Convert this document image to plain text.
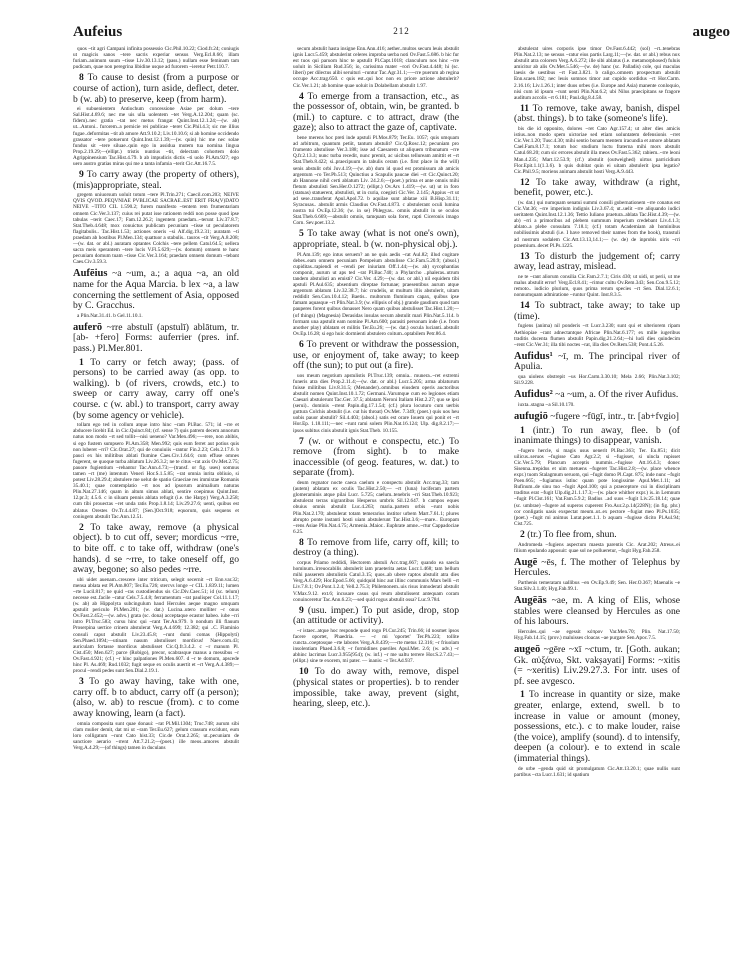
Aufeius	212	augeo

quos ~tit agri Campani infinita possessio Cic.Phil.10.22; Ciod.fr.24; coniugis ut magicis sanos ~tere sacris experiar sensus Verg.Ecl.8.66; illam furiam..animum suum ~tisse Liv.30.13.12; (pass.) nullam esse feminam tam pudicam, quae non peregrina libidine usque ad furorem ~ieretur Petr.110.7.

8 To cause to desist (from a purpose or course of action), turn aside, deflect, deter. b (w. ab) to preserve, keep (from harm).

ei subuenientem Antiochum concessione Asiae per dolum ~tere Sal.Hist.4.69.6; nec me uis ulla uolentem ~tet Verg.A.12.204; quam (sc. fidem)..nec gratia ~tat nec metus frangat Quint.Inst.12.1.24;—(w. ab) ut...Antoni.. furorem..a pernicie rei publicae ~teret Cic.Phil.4.3; sic me illius fugae..deformitas ~tit ab amore Att.9.10.2; Liv.10.10.6; si ab homine occidendo grassator ~tere potuerunt Quint.Inst.12.1.39;—(w. quin) hic me nec solae fundus sit ~tere siluae..quin ego in assidua mutem tua nomina lingua Prop.2.19.29;—(ellipt.) tristis nuntius ~tit, delectam cohortem dolo Agrippinensium Tac.Hist.4.79. b ab impudicis dictis ~ti uolo Pl.Am.927; ego uero austro gratias miras qui me a tanta infamia ~terit Cic.Att.16.7.5.

9 To carry away (the property of others), (mis)appropriate, steal.

gregem uniuorsum uoluit totum ~tere Pl.Trin.271; Caecil.com.203; NEIVE QVIS QVOD..PEQVNIAE PVBLICAE SACRAE..EST ERIT FRA(V)DATO NEIVE ~TITO CIL 1.590.2; furem manifesto ~tentem rem frumentariam omnem Cic.Ver.3.137; cuius rei putat isse rationem reddi non posse quod ipse tabulas ~terit Caec.17; Fam.12.26.2; ingentem praedam..~terunt Liv.37.8.7; Stat.Theb.4.648; mox conuictus publicam pecuniam ~tisse ut peculatorem flagitabulis.. Tac.Hist.1.53; actiones oneris ~si Alf.dig.19.2.31; auratam ~ti praedam ab hostibus Pl.Men.134; quattuor a stabulis.. tauros ~tit Verg.A.8.208;—(w. dat. or abl.) auratam optantes Colchis ~tere pellem Catul.64.5; uellera sacra meis sperantem ~tere lucis V.Fl.5.629;—(w. domum) omnem te hanc pecuniam domum tuam ~tisse Cic.Ver.3.164; praedam omnem domum ~tebant Caes.Civ.3.59.3.

Aufēius ~a ~um, a.; a aqua ~a, an old name for the Aqua Marcia. b lex ~a, a law concerning the settlement of Asia, opposed by C. Gracchus.

a Plin.Nat.31.41. b Gel.11.10.1.

auferō ~rre abstulī (apstulī) ablātum, tr. [ab- +fero] Forms: auferrier (pres. inf. pass.) Pl.Mer.801.

1 To carry or fetch away; (pass. of persons) to be carried away (as opp. to walking). b (of rivers, crowds, etc.) to sweep or carry away, carry off one's course. c (w. abl.) to transport, carry away (by some agency or vehicle).

tollam ego ted in collum atque intro hinc ~ram Pl.Bac. 571; id ~rre et abducere licebit Ed. in Cic.Quinct.84; (cf. sense 7) quis patrem decem annorum natus non modo ~rt sed tollit—nisi ueneno? Var.Men.496;—~rere, non abibis, si ego fustem sumpsero Pl.Am.358; Men.992; quis eum ferret aut potius quis non luberet ~rri? Cic.Orat.27; qui de conuiuiis ~rantur Fin.2.23; Cels.2.17.6. b pauci ex his militibus ablati flumine Caes.Civ.1.64.6; cum effuse omnes fugerent, se quoque turba ablatum Liv.26.3.2; ne te citus ~rat axis Ov.Met.2.75; pauore fugientium ~rehantur Tac.Ann.4.73;—(transf. or fig. uses) somnus tamen ~rt (me) intentum Veneri Hor.S.1.5.85; ~rat omnia inrita obliuio, si potest Liv.28.29.4; abstulere me uelut de spatio Graeciae res immixtae Romanis 35.40.1; quae contemplatio ~rt nos ad ipsorum animalium naturas Plin.Nat.27.146; quam in altum simus ablati, sentire coepimus Quint.Inst. 12.pr.3; 4.5.6. c in siluam pennis ablata refugit (i.e. the Harpy) Verg.A.3.258; cum tibi prouectas ~ret unda ratis Prop.1.8.14; Liv.29.27.6; uenti, quibus est ablatus Orestes Ov.Tr.4.4.87; [Sen.]Oct.918; equorum, quis sequens et coniugem abstulit Tac.Ann.12.51.

2 To take away, remove (a physical object). b to cut off, sever; mordicus ~rre, to bite off. c to take off, withdraw (one's hands). d se ~rre, to take oneself off, go away, begone; so also pedes ~rre.

ubi uidet auenam..crescere inter triticum, selegit secernit ~rt Enn.var.32; mensa ablata est Pl.Am.807; Ter.Eu.726; stercvs longe ~r CIL 1.839.11; lumen ~rte Lucil.817; ne quid ~ras custodiendus sis Cic.Div.Caec.51; id (sc. telum) necesse est..facile ~ratur Cels.7.5.4.8; ferramentum ~rat paulisper Col.11.1.17; (w. ab) ab Hippolyta subcingulum haud Hercules aeque magno umquam apstulit periculo Pl.Men.201; (w. dat.) Lucina..utero molliter ~r onus Ov.Fast.2.452;—(w. advs.) grata (sc. dona) acceptaque ecastor habeo. iube ~rri intro Pl.Truc.583; cursu hinc qui ~rant Ter.An.979. b nondum illi flauum Proserpina uertice crinem abstulerat Verg.A.4.699; 12.382; qui ..C. Flaminio consuli caput abstulit Liv.23.45.8; ~runt dumi comas (Hippolyti) Sen.Phaed.1094;—utinam nasum abstulisset mordicus! Naev.com.43; auriculam fortasse mordicus abstulisset Cic.Q.fr.3.4.2. c ~r manum Pl. Cist.450; Men.627; parce (Robigo), precor, scabrasque manus a messibus ~r Ov.Fast.4.921; (cf.) ~r hinc palpationes Pl.Men.607. d ~r te domum, apscede hinc Pl. As.469; Rud.1032; fugit seque ex oculis auertit et ~rt Verg.A.4.389;—procul ~rendi pedes sunt Sen.Dial.2.19.1.

3 To go away having, take with one, carry off. b to abduct, carry off (a person); (also, w. ab) to rescue (from). c to come away knowing, learn (a fact).

omnia composita sunt quae donaui: ~rat Pl.Mil.1304; Truc.748; aurum sibi clam mulier demit, dat mi ut ~ram Ter.Eu.627; gelum crassum excidunt, eum loro colligatum ~runt Cato hist.33; Cic.de Orat.2.265; ut..pecuniam de sanctiore aerario ~rrent Att.7.21.2;—(poet.) ille meos..amores abstulit Verg.A.4.29;—(of things) tamen in duculans

secum abstulit hasta insigne Enn.Ann.416; aether..multos secum leuis abstulit ignis Lucr.5.459; abstulerint celeres improba uerba noti Ov.Fast.5.686. b hic fur est tuos qui paruom hinc te apstulit Pl.Capt.1018; clanculum nos hinc ~rre uoluit in Siciliam Rud.356; io, carissima mater ~rori Ov.Fast.4.448; hi (sc. liberi) per dilectus alibi seruituri ~runtur Tac.Agr.31.1;—~rre puerum ab regina occupe Acc.trag.650. c quis est..qui hoc non ex priore actione abstulerit? Cic.Ver.1.21; ab homine quae uoluit in Dolabellam abstulit 1.97.

4 To emerge from a transaction, etc., as the possessor of, obtain, win, be granted. b (mil.) to capture. c to attract, draw (the gaze); also to attract the gaze of, captivate.

bene merens hoc preti inde apstuli Pl.Mos.879; Ter.Eu. 1057; quis umquam ad arbitrum, quantum petiit, tantum abstulit? Cic.Q.Rosc.12; pecuniam pro frumento abstulisse Ver.3.188; isse ad Caesarem ut aliquem tribunatum ~rre Q.fr.2.13.3; nunc turba recedit, nunc premit, ac uicibus telluream amittit et ~rt Stat.Theb.8.422; si..praecipuum in tabulis ceram (i.e. first place in the will) senis abstulit orbi Juv.4.19;—(w. ab) dum id quod est promissum ab amicis argentum ~ro Ter.Ph.513; Quinctius a Scapulis paucae diei ~rt Cic.Quinct.20; ab Hannone nihil certi ablatum Liv. 24.2.6;—(poet.) prima et ante omnis mihi fletum abstulisti Sen.Her.O.1272; (ellipt.) Ov.Ars 1.419;—(w. ut) ut in foro (statuas) statuerent, abstulisti, ut in curia, coegisti Cic.Ver. 2.145; Appius ~rt ut ad sese..transferat Apul.Apol.72. b aquilae sunt ablatae xiii B.Hisp.31.11; Syracusas.. abstulit armis Claudius Ov.Fast.4.873. c abstulerant oculi lumina nostra tui Ov.Ep.12.36; (w. in se) Phlegyas.. omnis abstulit in se oculos Stat.Theb.6.669;—abstulit omnis, tamquam sola foret, rapti Ciceronis imago Corn. Sev.poet.13.2.

5 To take away (what is not one's own), appropriate, steal. b (w. non-physical obj.).

Pl.Am.139; ego intus seruem? an ne quis aedis ~rat Aul.82; illud cogitare debes..eam omnem pecuniam Pompeium abstulisse Cic.Fam.5.20.9; (absol.) cupiditas..rapiendi et ~rendi per iniuriam Off.1.44;—(w. ab) sycophantias componit, aurum ut aps ted ~rat Pl.Bac.740; a Phylarcho ..phaleras..utrum tandem abstulisti an emisti? Cic.Ver. 4.29;—(w. dat. or abl.) nil equidem tibi apstuli Pl.Aul.635; absentium direptae fortunae; praesentibus aurum atque argentum ablatum Liv.32.38.7; hic crudelis, ut multum illis abstulerit, uitam reddidit Sen.Con.10.4.12; Baetis.. multorum fluminum capax, quibus ipse famam aquasque ~rt Plin.Nat.3.9; (w. ellipsis of obj.) grande gaudium quod tam pauperes forent quibus donasset Nero quam quibus abstulisset Tac.Hist.1.20;—(of things) (Magnesia) Derasidas insulas secum abstulit mari Plin.Nat.5.114. b formam una apstulit eam nomine Pl.Am.600; parasiti personam inde (i.e. from another play) ablatam et militis Ter.Eu.26; —(w. dat.) oscula lucianti..abstulit Ov.Ep.16.28; si ego huic dormienti abstulero coitum..optabilem Petr.86.4.

6 To prevent or withdraw the possession, use, or enjoyment of, take away; to keep off (the sun); to put out (a fire).

uos meum negotium apstulistis Pl.Truc.139; omnia.. munera..~ret extremi funeris atra dies Prop.2.11.4;—(w. dat. or abl.) Lucr.5.205; arma ablaturum fuisse militibus Liv.8.31.5; (Menander)..omnibus eiusdem operis auctoribus abstulit nomen Quint.Inst.10.1.72; Germani..Varumque cum eo legiones etiam Caesari abstulerunt Tac.Ger. 37.5; ablatam Neroni Italiam Hist.2.27; quo se ipsi (serui).. dominis ~rrent Papin.dig.17.1.54; (cf.) plura locuturo cum uerbis guttura Colchis abstulit (i.e. cut his throat) Ov.Met. 7.349; (poet.) quis uos heu uobis pauor abstulit? Sil.4.403; (absol.) satis est orare Iouem qui ponit et ~rt Hor.Ep. 1.18.111;—nec ~runt rami solem Plin.Nat.16.124; Ulp. dig.8.2.17;—ipsos subitus cinis abstulit ignis Stat.Theb. 10.155.

7 (w. or without e conspectu, etc.) To remove (from sight). b to make inaccessible (of geog. features, w. dat.) to separate (from).

deum regnator nocte caeca caelum e conspectu abstulit Acc.trag.33; tam (autem) ablatam ex oculis Tac.Hist.2.50;— ~rt (luna) luciferam partem glomeraminis atque pilai Lucr. 5.725; caelum..tenebris ~rri Stat.Theb.10.923; abstulerat terras nigrantibus Hesperus umbris Sil.12.647. b campos eques obuius omnis abstulit Luc.4.263; maria..partem orbis ~runt nobis Plin.Nat.2.170; abstulerat totam temerarius institor urbem Mart.7.61.1; plures abrupto ponte instanti hosti uiam abstulerunt Tac.Hist.3.6;—mare.. Europam ~rens Asiae Plin.Nat.4.75; Armenia..Maior.. Euphrate amne..~rtur Cappadociae 6.25.

8 To remove from life, carry off, kill; to destroy (a thing).

corpus Priamo reddidi, Hectorem abstuli Acc.trag.667; quando ea saecla hominum..irreuocabilis abstulerit iam praeterita aetas Lucr.1.468; tam bellum mihi passerem abstulistis Catul.3.15; quos..ab ubere raptos abstulit atra dies Verg.A.6.429; Hor.Epod.5.66; quidquid hinc aut illinc communis Mars belli ~rt Liv.7.8.1; Ov.Pont.1.2.4; Vell.2.75.3; Philemonem..uis risus inmoderati abstulit V.Max.9.12. ext.6; incusare casus qui reum abstulissent antequam coram conuinceretur Tac.Ann.6.23;—sed quid rogus abstulit ossa? Luc.9.784.

9 (usu. imper.) To put aside, drop, stop (an attitude or activity).

~r istaec..atque hoc responde quod rogo Pl.Cur.245; Trin.66; id nosmet ipsos facere oportet, Phaedria. — ~r mi 'oportet' Ter.Ph.223; tollite cuncta..coeptosque ~rte labores Verg.A.8.439;—~rte metus 12.316; ~r friuolam insolentiam Phaed.3.6.8; ~r formidines pueriles Apul.Met. 2.6; (w. adv.) ~r abhinc lacrimas Lucr.3.955(954); (w. inf.) ~r me ualtu terrere Hor.S.2.7.43;—(ellipt.) sine te exorem, mi pater. — inanis: ~r Ter.Ad.937.

10 To do away with, remove, dispel (physical states or properties). b to render impossible, take away, prevent (sight, hearing, sleep, etc.).

abstulerat uires corporis ipse timor Ov.Fast.6.442; (sol) ~rt..tenebras Plin.Nat.2.13; ne sensus ~ratur eius partis Larg.11;—(w. dat. or abl.) rebus nox abstulit atra colorem Verg.A.6.272; ille sibi ablatus (i.e. metamorphosed) fuluis amicitur ab alis Ov.Met.5.546;—(w. de) hanc (sc. Palladis) cole, qui maculas laesis de uestibus ~rt Fast.3.821. b caligo..omnem prospectum abstulit Enn.scaen.182; nec leuis somnos timor aut cupido sordidus ~rt Hor.Carm. 2.16.16; Liv.1.26.1; inter duos orbes (i.e. Europe and Asia) manente conloquio, nisi cum id ipsum ~runt uenti Plin.Nat.6.2; ubi Nilus praecipitans se fragore auditum accolis ~rt 6.181; Paul.dig.8.4.58.

11 To remove, take away, banish, dispel (abst. things). b to take (someone's life).

bis die id opponito, dolores ~ret Cato Agr.157.4; ut alter dies amicis istius..non modo spem uictoriae sed etiam uoluntatem defensionis ~rret Cic.Ver.1.20; Tusc.4.30; mihi sentio bonam mentem iracundia et amore ablatam Cael.Fam.8.17.1; totum hoc studium luctu fraterna mihi mors abstulit Catul.68.20; cum sic errores abstulit illa meos Ov.Fast.5.362; rabiem..~rre leoni Man.4.235; Mart.12.53.9; (cf.) abstulit (outweighed) uirtus parricidium Flor.Epit.1.1(1.3.6). b quis dubitat quin ei uitam abstulerit ipsa legatio? Cic.Phil.9.5; moriens animam abstulit hosti Verg.A.9.443.

12 To take away, withdraw (a right, benefit, power, etc.).

(w. dat.) qui numquam senatui summi consili gubernationem ~rre conatus est Cic.Vat.36; ~rre imperium indignis Liv.3.67.4; ut..uelit ~rre aliquando iudici ueritatem Quint.Inst.12.1.36; Tettio Iuliano praetura..ablata Tac.Hist.4.39;—(w. ab) ~rri a primoribus ad plebem summum imperium credebant Liv.4.1.3; ablato..a plebe consulatu 7.18.1; (cf.) totam Academiam ab hominibus nobilissimis abstuli (i.e. I have removed their names from the book), transtuli ad nostrum sodalem Cic.Att.13.13,14.1;— (w. de) de inprobis uiris ~rri praemium..decet Pl.Ps.1225.

13 To disturb the judgement of; carry away, lead astray, mislead.

ne te ~rant aliorum consilia Cic.Fam.2.7.1; Ciris 430; ut uidi, ut perii, ut me malus abstulit error! Verg.Ecl.8.41; ~rimur cultu Ov.Rem.343; Sen.Con.9.5.12; remoto.. iudicio plurium, quos prima rerum species ~rt Sen. Dial.12.6.1; nonnumquam admiratione ~runtur Quint. Inst.8.3.5.

14 To subtract, take away; to take up (time).

fugiens (anima) nil ponderis ~rt Lucr.3.230; sunt qui et ulteriorem ripam Aethiopiae ~rant adnectantque Africae Plin.Nat.6.177; ex mille iugeribus traditis ducenta flumen abstulit Papin.dig.21.2.64;—hi ludi dies quindecim ~rent Cic.Ver.31; illa tibi noctes ~rat, illa dies Ov.Rem.538; Pont.4.5.26.

Aufidus¹ ~ī, m. The principal river of Apulia.

qua uiolens obstrepit ~us Hor.Carm.3.30.10; Mela 2.66; Plin.Nat.3.102; Sil.9.228.

Aufidus² ~a ~um, a. Of the river Aufidus.

iuxta..stagna ~a Sil.10.170.

aufugiō ~fugere ~fūgī, intr., tr. [ab+fvgio]

1 (intr.) To run away, flee. b (of inanimate things) to disappear, vanish.

~fugero hercle, si magis usus uenerit Pl.Bac.363; Ter. Eu.851; dicit uilicus..seruos ~fugisse Cato Agr.2.2; si ~fugisset, si uincla rupisset Cic.Ver.5.79; Plancum acceptis nummis..~fugisse Att.16.4.3; donec Sisenna..trepidus et uim metuens ~fugeret Tac.Hist.2.8;—(w. place whence expr.) tuom Stalagmum seruom, qui ~fugit domo Pl.Capt. 875; inde nunc ~fugit Poen.665; ~fugiamus istinc quam pote longissime Apul.Met.1.11; ad Rufinum..de sinu tuo ~fugit Apol.100; qui a praeceptore cui in disciplinam traditus erat ~fugit Ulp.dig.21.1.17.3;—(w. place whither expr.) is..in Lemnum ~fugit Pl.Cist.161; Vat.Fam.5.9.2; Badius ..ad suos ~fugit Liv.25.18.14; quae (sc. umbrae) ~fugere ad superos cuperent Fro.Aur.2.p.14(228N); (in fig. phr.) cor conligatis uasis exspectat meum..ut..ex pectore ~fugiat meo Pl.Ps.1035; (poet.) ~fugit mi animus Lutat.poet.1.1. b aquam ~fugisse dicito Pl.Aul.94; Cist.725.

2 (tr.) To flee from, shun.

Andromeda ~fugiens aspectum maesta parentis Cic. Arat.202; Atreus..ei filium epulando apposuit: quae sol ne pollueretur, ~fugit Hyg.Fab.258.

Augē ~ēs, f. The mother of Telephus by Hercules.

Parthenis temeratam uallibus ~en Ov.Ep.9.49; Sen. Her.O.367; Maenalis ~e Stat.Silv.3.1.40; Hyg.Fab.99.1.

Augēās ~ae, m. A king of Elis, whose stables were cleansed by Hercules as one of his labours.

Hercules..qui ~ae egessit κόπρον Var.Men.70; Plin. Nat.17.50; Hyg.Fab.14.15; (prov.) maluisses cloacas ~ae purgare Sen.Apoc.7.5.

augeō ~gēre ~xī ~ctum, tr. [Goth. aukan; Gk. αὐξάνω, Skt. vakṣayati] Forms: ~xitis (= ~xeritis) Liv.29.27.3. For intr. uses of pf. see avgesco.

1 To increase in quantity or size, make greater, enlarge, extend, swell. b to increase in value or amount (money, possessions, etc.). c to make louder, raise (the voice), amplify (sound). d to intensify, deepen (a colour). e to extend in scale (immaterial things).

de urbe ~genda quid sit promulgatum Cic.Att.13.20.1; quae nullis sunt partibus ~cta Lucr.1.631; id spatium
